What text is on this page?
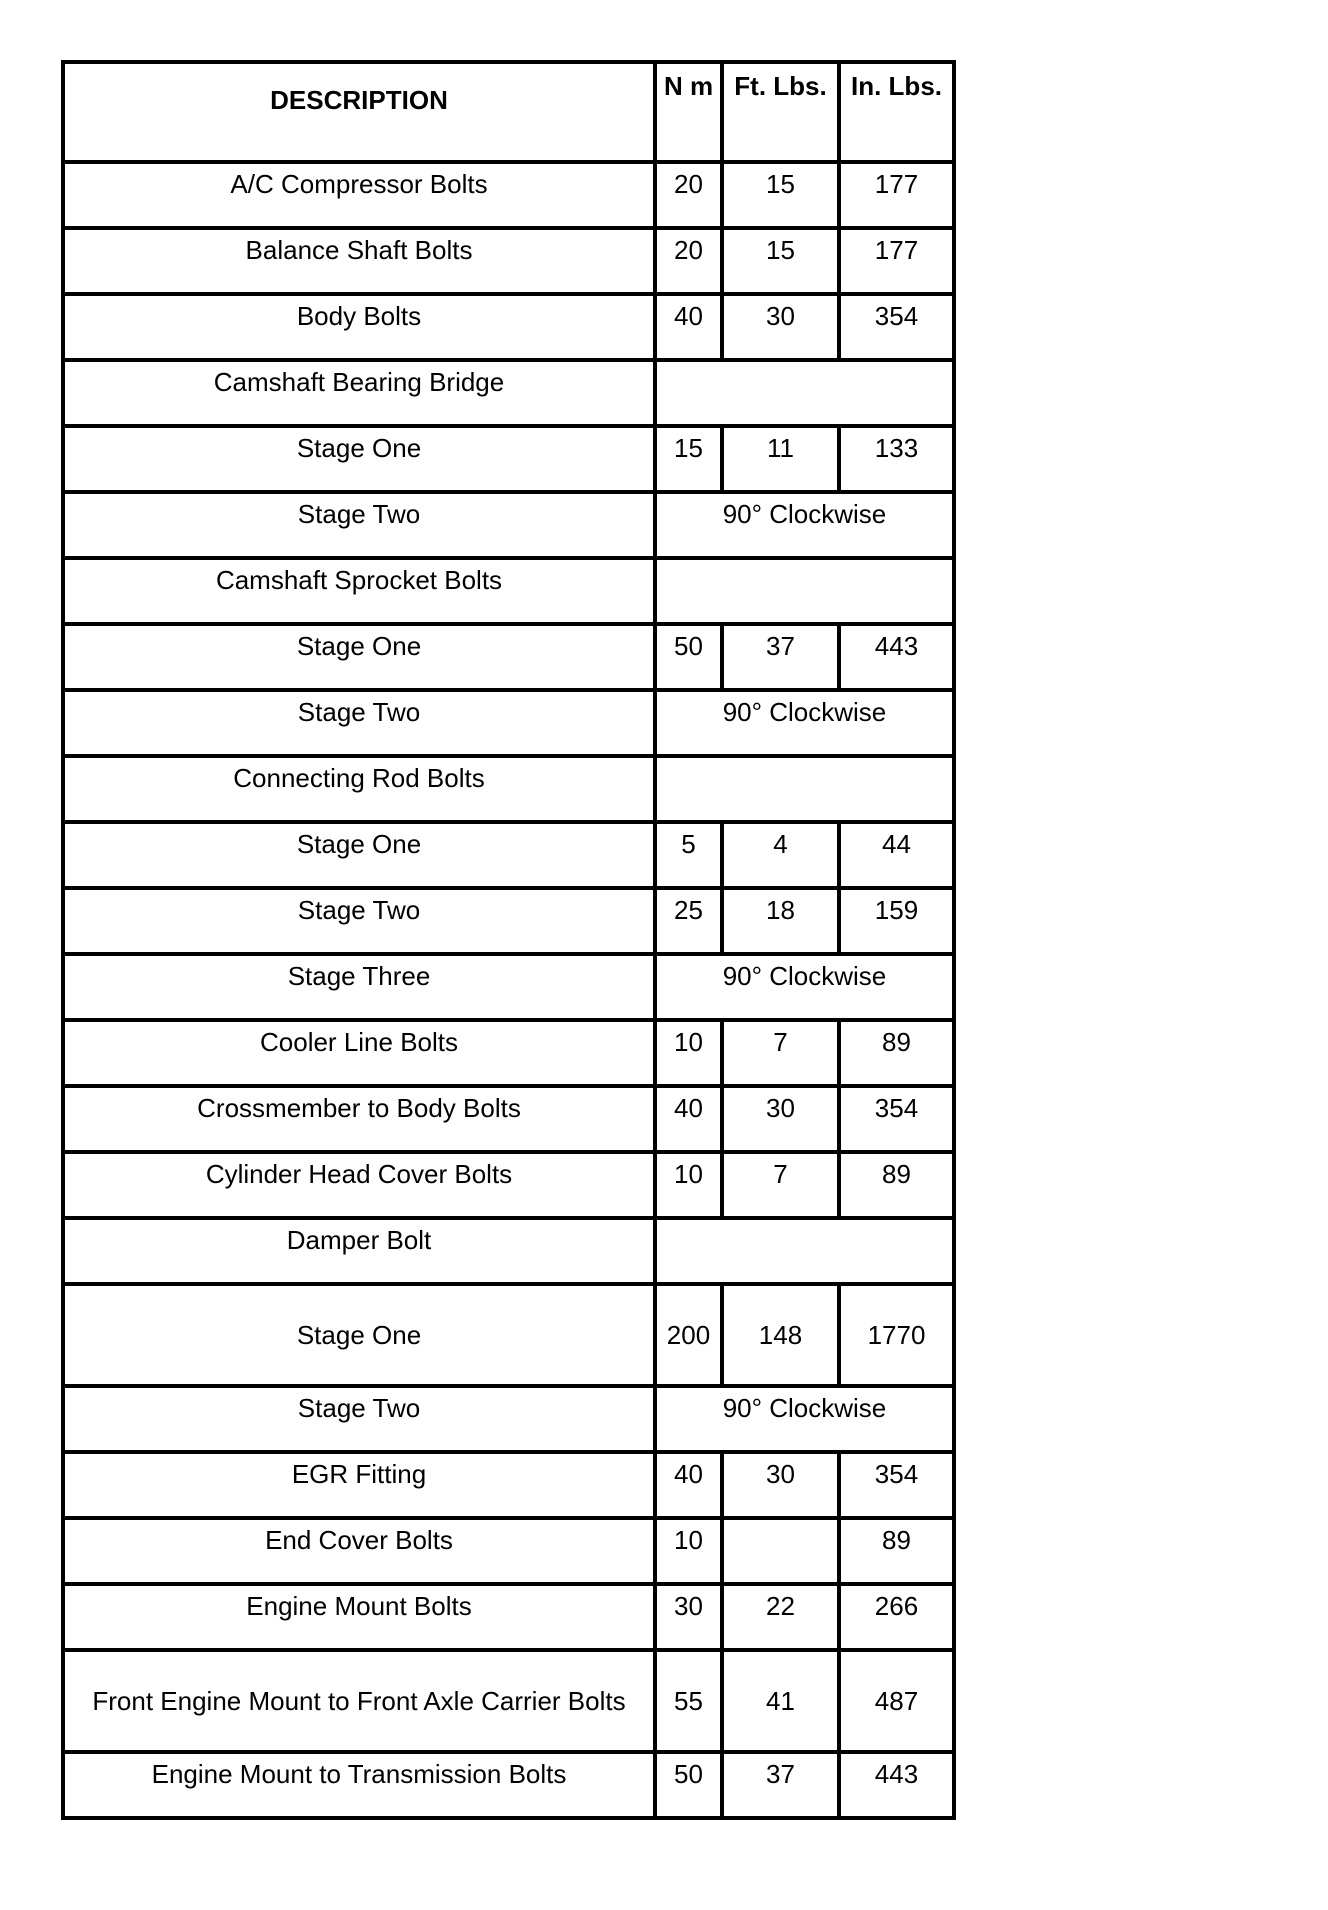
DESCRIPTION	N m	Ft. Lbs.	In. Lbs.
A/C Compressor Bolts	20	15	177
Balance Shaft Bolts	20	15	177
Body Bolts	40	30	354
Camshaft Bearing Bridge			
Stage One	15	11	133
Stage Two	90° Clockwise		
Camshaft Sprocket Bolts			
Stage One	50	37	443
Stage Two	90° Clockwise		
Connecting Rod Bolts			
Stage One	5	4	44
Stage Two	25	18	159
Stage Three	90° Clockwise		
Cooler Line Bolts	10	7	89
Crossmember to Body Bolts	40	30	354
Cylinder Head Cover Bolts	10	7	89
Damper Bolt			
Stage One	200	148	1770
Stage Two	90° Clockwise		
EGR Fitting	40	30	354
End Cover Bolts	10		89
Engine Mount Bolts	30	22	266
Front Engine Mount to Front Axle Carrier Bolts	55	41	487
Engine Mount to Transmission Bolts	50	37	443
